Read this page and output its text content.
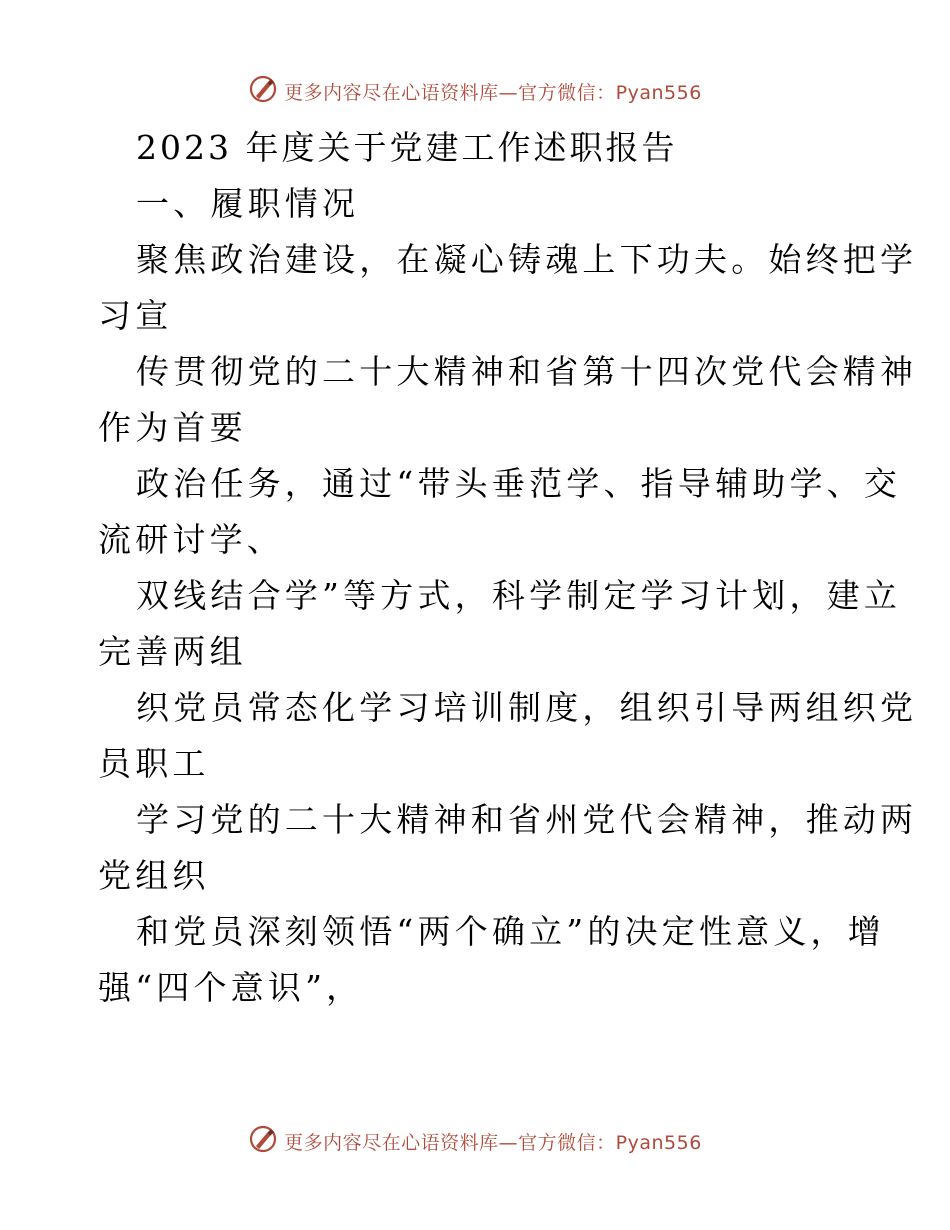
更多内容尽在心语资料库—官方微信：Pyan556
2023 年度关于党建工作述职报告
一、履职情况
聚焦政治建设，在凝心铸魂上下功夫。始终把学
习宣
传贯彻党的二十大精神和省第十四次党代会精神
作为首要
政治任务，通过“带头垂范学、指导辅助学、交
流研讨学、
双线结合学”等方式，科学制定学习计划，建立
完善两组
织党员常态化学习培训制度，组织引导两组织党
员职工
学习党的二十大精神和省州党代会精神，推动两
党组织
和党员深刻领悟“两个确立”的决定性意义，增
强“四个意识”，
更多内容尽在心语资料库—官方微信：Pyan556
